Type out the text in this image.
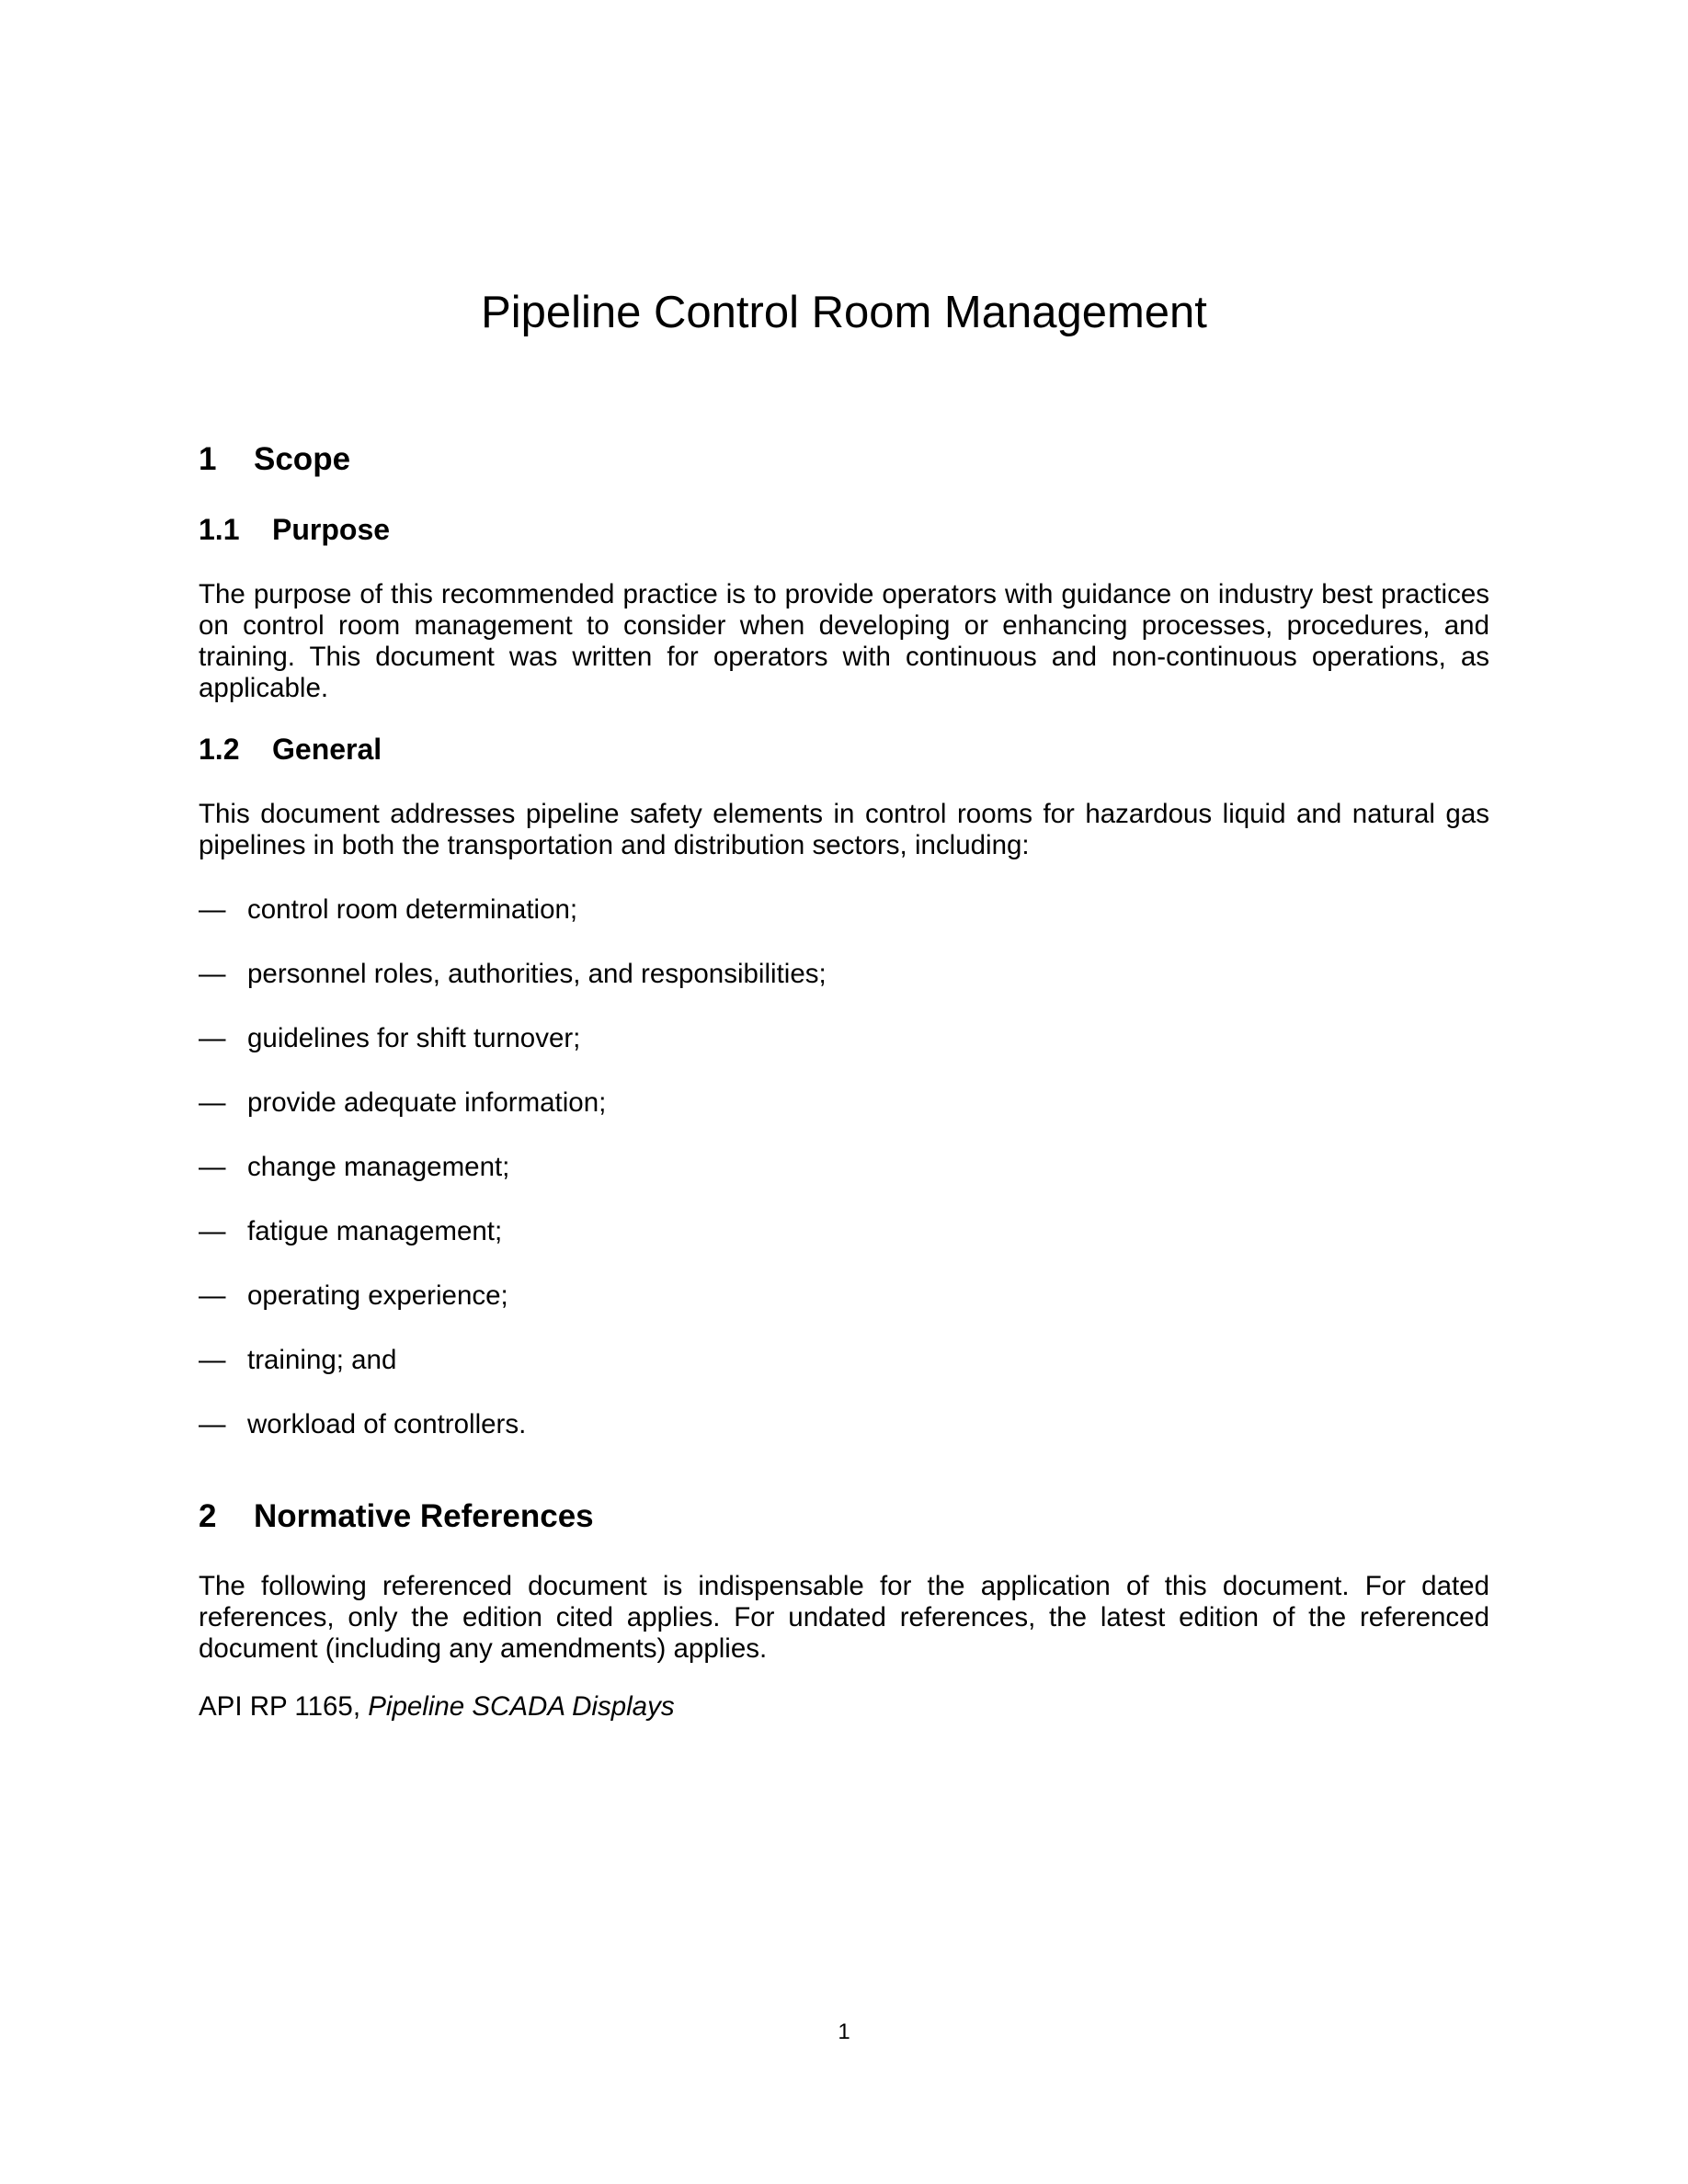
Pipeline Control Room Management
1 Scope
1.1 Purpose

The purpose of this recommended practice is to provide operators with guidance on industry best practices on control room management to consider when developing or enhancing processes, procedures, and training. This document was written for operators with continuous and non-continuous operations, as applicable.

1.2 General

This document addresses pipeline safety elements in control rooms for hazardous liquid and natural gas pipelines in both the transportation and distribution sectors, including:

— control room determination;
— personnel roles, authorities, and responsibilities;
— guidelines for shift turnover;
— provide adequate information;
— change management;
— fatigue management;
— operating experience;
— training; and
— workload of controllers.
2 Normative References

The following referenced document is indispensable for the application of this document. For dated references, only the edition cited applies. For undated references, the latest edition of the referenced document (including any amendments) applies.

API RP 1165, Pipeline SCADA Displays

1
